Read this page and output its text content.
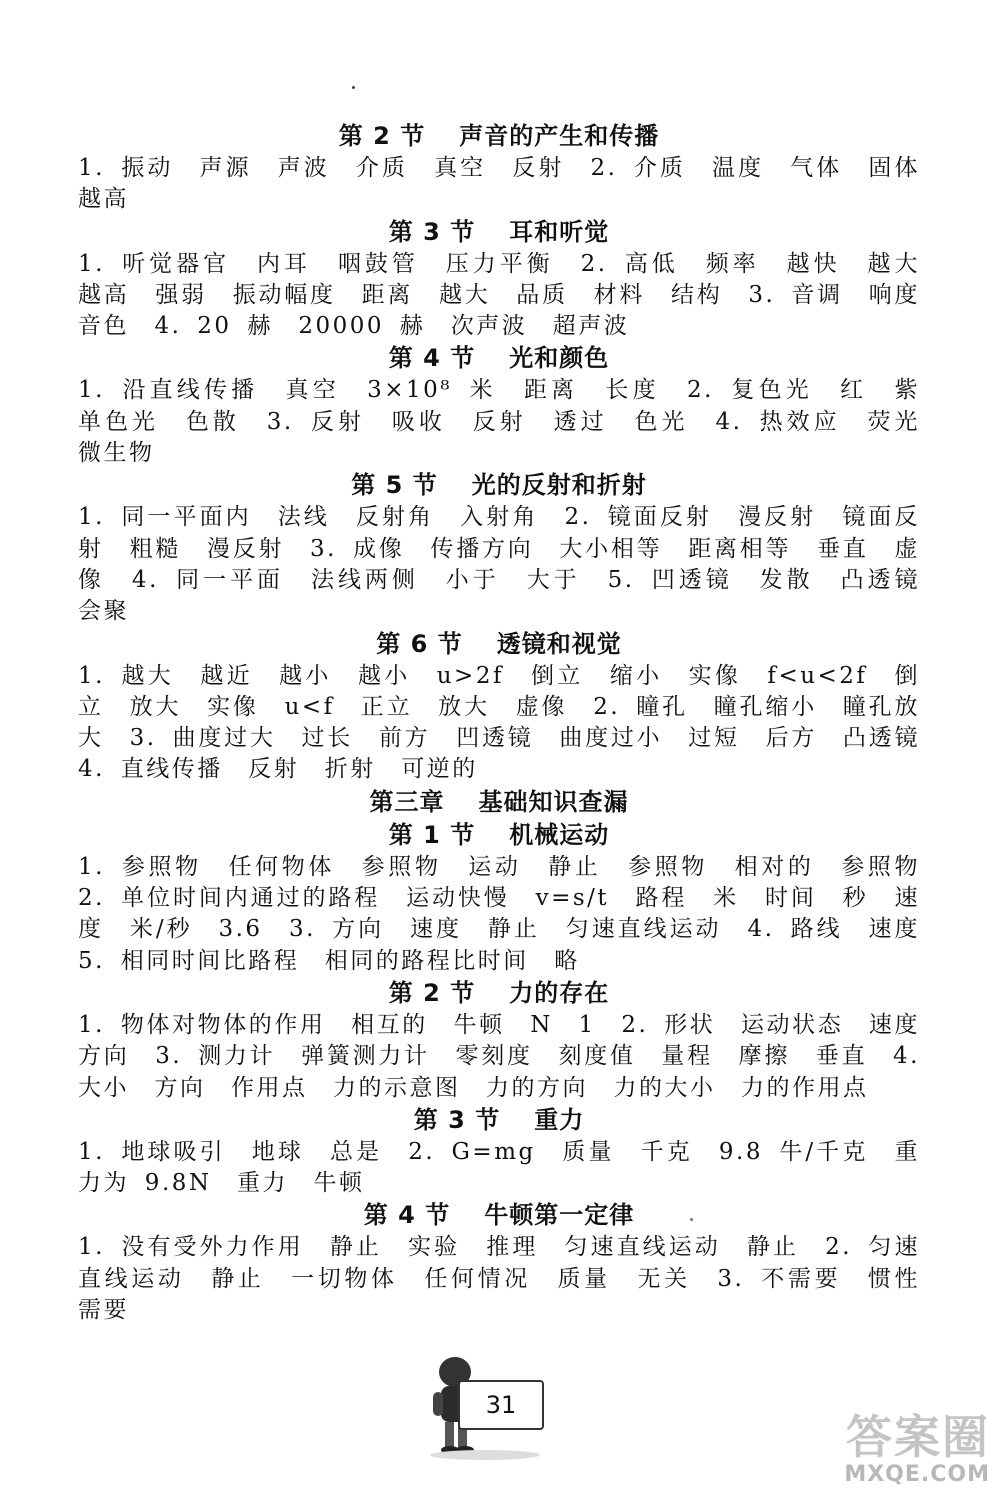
第 2 节 声音的产生和传播

1. 振动　声源　声波　介质　真空　反射　2. 介质　温度　气体　固体　越高

第 3 节 耳和听觉

1. 听觉器官　内耳　咽鼓管　压力平衡　2. 高低　频率　越快　越大　越高　强弱　振动幅度　距离　越大　品质　材料　结构　3. 音调　响度　音色　4. 20 赫　20000 赫　次声波　超声波

第 4 节 光和颜色

1. 沿直线传播　真空　3×10⁸ 米　距离　长度　2. 复色光　红　紫　单色光　色散　3. 反射　吸收　反射　透过　色光　4. 热效应　荧光　微生物

第 5 节 光的反射和折射

1. 同一平面内　法线　反射角　入射角　2. 镜面反射　漫反射　镜面反射　粗糙　漫反射　3. 成像　传播方向　大小相等　距离相等　垂直　虚像　4. 同一平面　法线两侧　小于　大于　5. 凹透镜　发散　凸透镜　会聚

第 6 节 透镜和视觉

1. 越大　越近　越小　越小　u>2f　倒立　缩小　实像　f<u<2f　倒立　放大　实像　u<f　正立　放大　虚像　2. 瞳孔　瞳孔缩小　瞳孔放大　3. 曲度过大　过长　前方　凹透镜　曲度过小　过短　后方　凸透镜　4. 直线传播　反射　折射　可逆的

第三章 基础知识查漏
第 1 节 机械运动

1. 参照物　任何物体　参照物　运动　静止　参照物　相对的　参照物　2. 单位时间内通过的路程　运动快慢　v=s/t　路程　米　时间　秒　速度　米/秒　3.6　3. 方向　速度　静止　匀速直线运动　4. 路线　速度　5. 相同时间比路程　相同的路程比时间　略

第 2 节 力的存在

1. 物体对物体的作用　相互的　牛顿　N　1　2. 形状　运动状态　速度　方向　3. 测力计　弹簧测力计　零刻度　刻度值　量程　摩擦　垂直　4. 大小　方向　作用点　力的示意图　力的方向　力的大小　力的作用点

第 3 节 重力

1. 地球吸引　地球　总是　2. G=mg　质量　千克　9.8 牛/千克　重力为 9.8N　重力　牛顿

第 4 节 牛顿第一定律

1. 没有受外力作用　静止　实验　推理　匀速直线运动　静止　2. 匀速直线运动　静止　一切物体　任何情况　质量　无关　3. 不需要　惯性　需要

31
答案圈
MXQE.COM
